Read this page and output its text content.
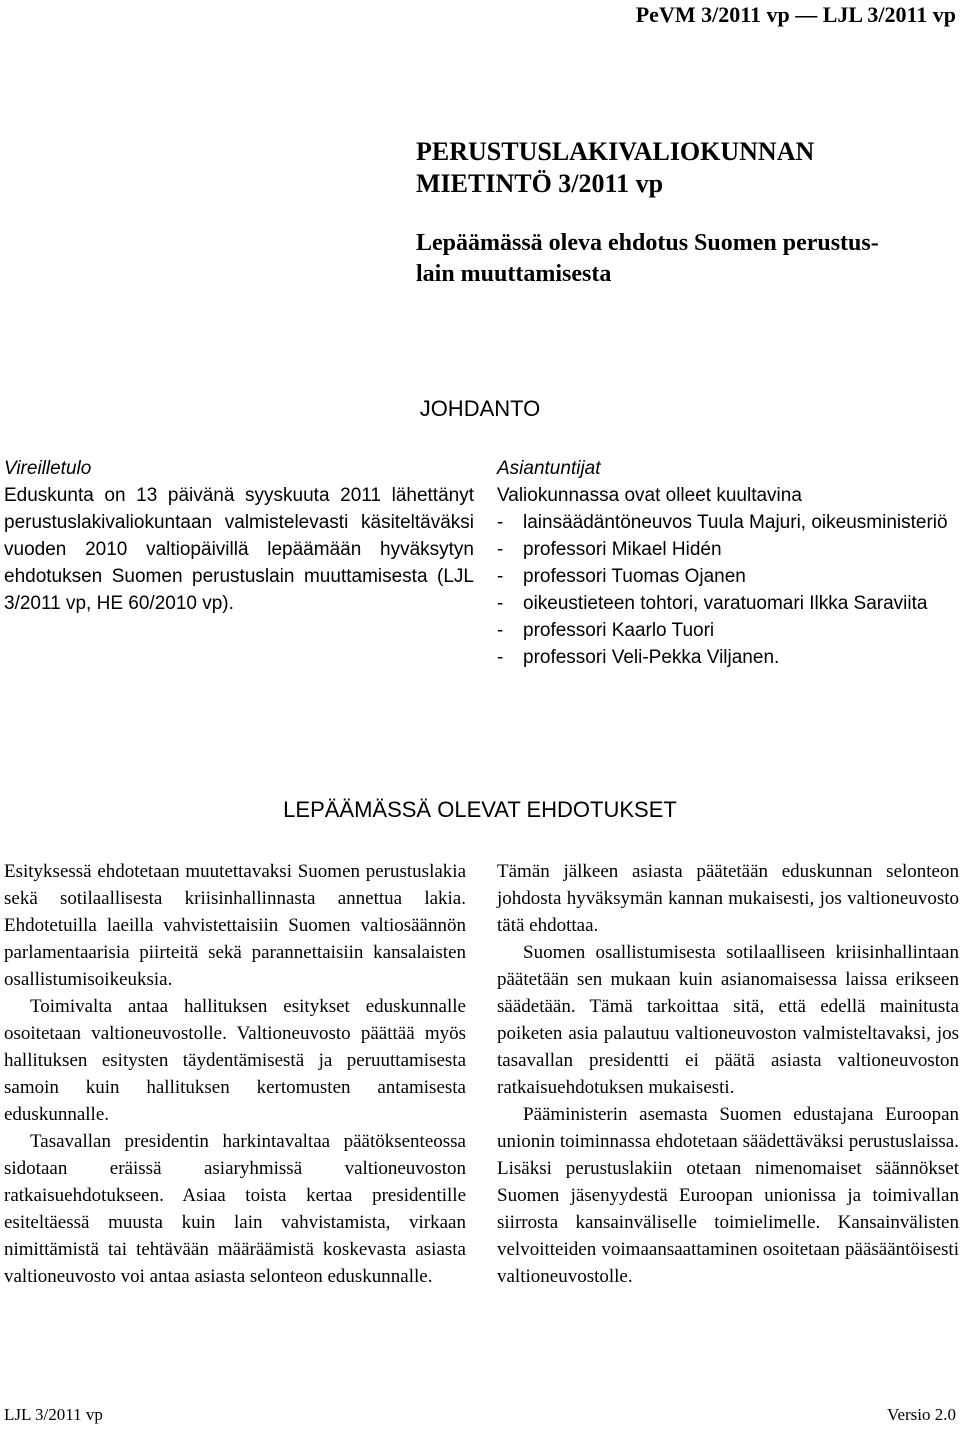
PeVM 3/2011 vp — LJL 3/2011 vp

PERUSTUSLAKIVALIOKUNNAN
MIETINTÖ 3/2011 vp

Lepäämässä oleva ehdotus Suomen perustus-
lain muuttamisesta

JOHDANTO

Vireilletulo

Eduskunta on 13 päivänä syyskuuta 2011 lähettänyt perustuslakivaliokuntaan valmistelevasti käsiteltäväksi vuoden 2010 valtiopäivillä lepäämään hyväksytyn ehdotuksen Suomen perustuslain muuttamisesta (LJL 3/2011 vp, HE 60/2010 vp).

Asiantuntijat

Valiokunnassa ovat olleet kuultavina

- lainsäädäntöneuvos Tuula Majuri, oikeusministeriö
- professori Mikael Hidén
- professori Tuomas Ojanen
- oikeustieteen tohtori, varatuomari Ilkka Saraviita
- professori Kaarlo Tuori
- professori Veli-Pekka Viljanen.
LEPÄÄMÄSSÄ OLEVAT EHDOTUKSET

Esityksessä ehdotetaan muutettavaksi Suomen perustuslakia sekä sotilaallisesta kriisinhallinnasta annettua lakia. Ehdotetuilla laeilla vahvistettaisiin Suomen valtiosäännön parlamentaarisia piirteitä sekä parannettaisiin kansalaisten osallistumisoikeuksia.

Toimivalta antaa hallituksen esitykset eduskunnalle osoitetaan valtioneuvostolle. Valtioneuvosto päättää myös hallituksen esitysten täydentämisestä ja peruuttamisesta samoin kuin hallituksen kertomusten antamisesta eduskunnalle.

Tasavallan presidentin harkintavaltaa päätöksenteossa sidotaan eräissä asiaryhmissä valtioneuvoston ratkaisuehdotukseen. Asiaa toista kertaa presidentille esiteltäessä muusta kuin lain vahvistamista, virkaan nimittämistä tai tehtävään määräämistä koskevasta asiasta valtioneuvosto voi antaa asiasta selonteon eduskunnalle.

Tämän jälkeen asiasta päätetään eduskunnan selonteon johdosta hyväksymän kannan mukaisesti, jos valtioneuvosto tätä ehdottaa.

Suomen osallistumisesta sotilaalliseen kriisinhallintaan päätetään sen mukaan kuin asianomaisessa laissa erikseen säädetään. Tämä tarkoittaa sitä, että edellä mainitusta poiketen asia palautuu valtioneuvoston valmisteltavaksi, jos tasavallan presidentti ei päätä asiasta valtioneuvoston ratkaisuehdotuksen mukaisesti.

Pääministerin asemasta Suomen edustajana Euroopan unionin toiminnassa ehdotetaan säädettäväksi perustuslaissa. Lisäksi perustuslakiin otetaan nimenomaiset säännökset Suomen jäsenyydestä Euroopan unionissa ja toimivallan siirrosta kansainväliselle toimielimelle. Kansainvälisten velvoitteiden voimaansaattaminen osoitetaan pääsääntöisesti valtioneuvostolle.

LJL 3/2011 vp	Versio 2.0
